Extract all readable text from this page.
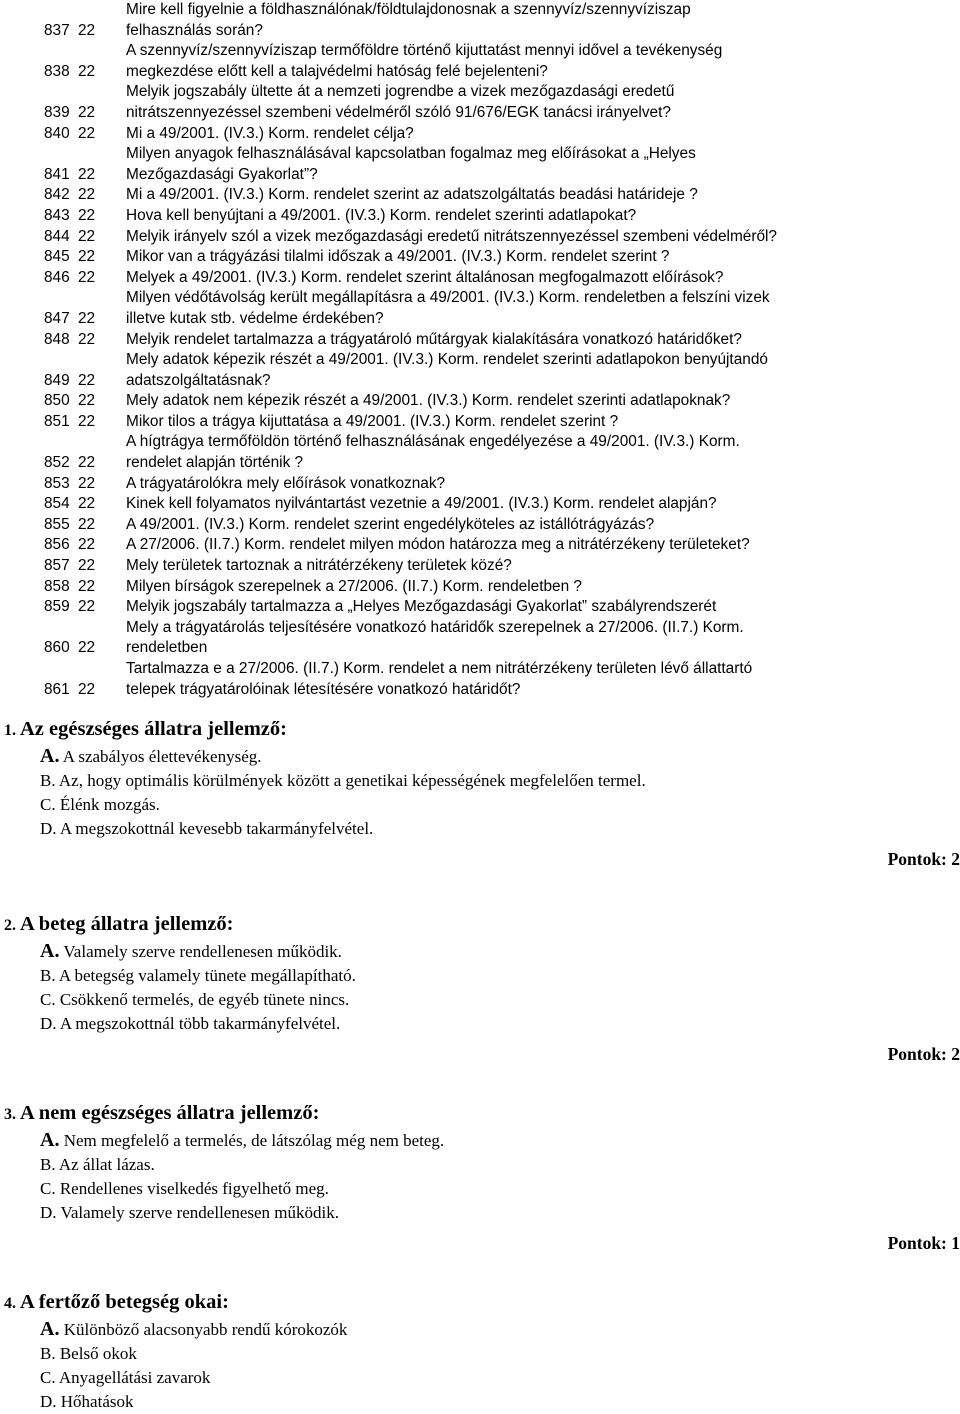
Mire kell figyelnie a földhasználónak/földtulajdonosnak a szennyvíz/szennyvíziszap
837 22	felhasználás során?
A szennyvíz/szennyvíziszap termőföldre történő kijuttatást mennyi idővel a tevékenység
838 22	megkezdése előtt kell a talajvédelmi hatóság felé bejelenteni?
Melyik jogszabály ültette át a nemzeti jogrendbe a vizek mezőgazdasági eredetű
839 22	nitrátszennyezéssel szembeni védelméről szóló 91/676/EGK tanácsi irányelvet?
840 22	Mi a 49/2001. (IV.3.) Korm. rendelet célja?
Milyen anyagok felhasználásával kapcsolatban fogalmaz meg előírásokat a „Helyes
841 22	Mezőgazdasági Gyakorlat”?
842 22	Mi a 49/2001. (IV.3.) Korm. rendelet szerint az adatszolgáltatás beadási határideje ?
843 22	Hova kell benyújtani a 49/2001. (IV.3.) Korm. rendelet szerinti adatlapokat?
844 22	Melyik irányelv szól a vizek mezőgazdasági eredetű nitrátszennyezéssel szembeni védelméről?
845 22	Mikor van a trágyázási tilalmi időszak a 49/2001. (IV.3.) Korm. rendelet szerint ?
846 22	Melyek a 49/2001. (IV.3.) Korm. rendelet szerint általánosan megfogalmazott előírások?
Milyen védőtávolság került megállapításra a 49/2001. (IV.3.) Korm. rendeletben a felszíni vizek
847 22	illetve kutak stb. védelme érdekében?
848 22	Melyik rendelet tartalmazza a trágyatároló műtárgyak kialakítására vonatkozó határidőket?
Mely adatok képezik részét a 49/2001. (IV.3.) Korm. rendelet szerinti adatlapokon benyújtandó
849 22	adatszolgáltatásnak?
850 22	Mely adatok nem képezik részét a 49/2001. (IV.3.) Korm. rendelet szerinti adatlapoknak?
851 22	Mikor tilos a trágya kijuttatása a 49/2001. (IV.3.) Korm. rendelet szerint ?
A hígtrágya termőföldön történő felhasználásának engedélyezése a 49/2001. (IV.3.) Korm.
852 22	rendelet alapján történik ?
853 22	A trágyatárolókra mely előírások vonatkoznak?
854 22	Kinek kell folyamatos nyilvántartást vezetnie a 49/2001. (IV.3.) Korm. rendelet alapján?
855 22	A 49/2001. (IV.3.) Korm. rendelet szerint engedélyköteles az istállótrágyázás?
856 22	A 27/2006. (II.7.) Korm. rendelet milyen módon határozza meg a nitrátérzékeny területeket?
857 22	Mely területek tartoznak a nitrátérzékeny területek közé?
858 22	Milyen bírságok szerepelnek a 27/2006. (II.7.) Korm. rendeletben ?
859 22	Melyik jogszabály tartalmazza a „Helyes Mezőgazdasági Gyakorlat” szabályrendszerét
Mely a trágyatárolás teljesítésére vonatkozó határidők szerepelnek a 27/2006. (II.7.) Korm.
860 22	rendeletben
Tartalmazza e a 27/2006. (II.7.) Korm. rendelet a nem nitrátérzékeny területen lévő állattartó
861 22	telepek trágyatárolóinak létesítésére vonatkozó határidőt?
1. Az egészséges állatra jellemző:
A. A szabályos élettevékenység.
B. Az, hogy optimális körülmények között a genetikai képességének megfelelően termel.
C. Élénk mozgás.
D. A megszokottnál kevesebb takarmányfelvétel.
Pontok: 2
2. A beteg állatra jellemző:
A. Valamely szerve rendellenesen működik.
B. A betegség valamely tünete megállapítható.
C. Csökkenő termelés, de egyéb tünete nincs.
D. A megszokottnál több takarmányfelvétel.
Pontok: 2
3. A nem egészséges állatra jellemző:
A. Nem megfelelő a termelés, de látszólag még nem beteg.
B. Az állat lázas.
C. Rendellenes viselkedés figyelhető meg.
D. Valamely szerve rendellenesen működik.
Pontok: 1
4. A fertőző betegség okai:
A. Különböző alacsonyabb rendű kórokozók
B. Belső okok
C. Anyagellátási zavarok
D. Hőhatások
